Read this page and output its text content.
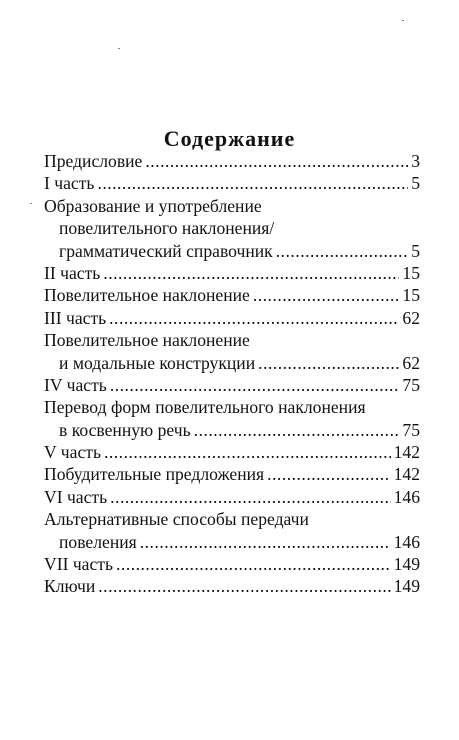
Содержание
Предисловие .....	3
I часть .....	5
Образование и употребление
повелительного наклонения/
грамматический справочник .....	5
II часть .....	15
Повелительное наклонение .....	15
III часть .....	62
Повелительное наклонение
и модальные конструкции .....	62
IV часть .....	75
Перевод форм повелительного наклонения
в косвенную речь .....	75
V часть .....	142
Побудительные предложения .....	142
VI часть .....	146
Альтернативные способы передачи
повеления .....	146
VII часть .....	149
Ключи .....	149
